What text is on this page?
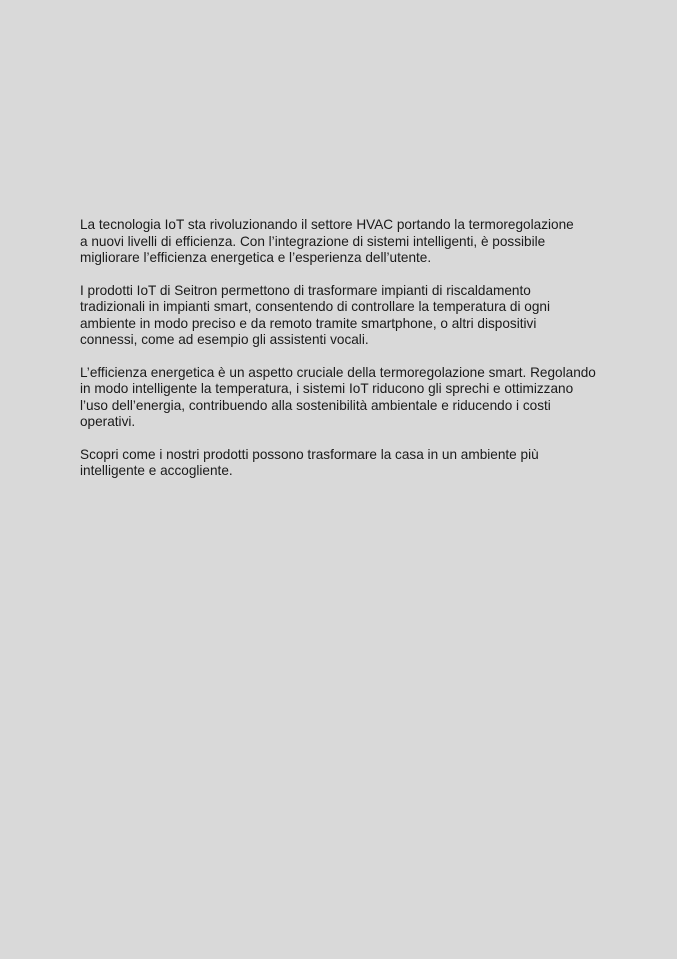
La tecnologia IoT sta rivoluzionando il settore HVAC portando la termoregolazione
a nuovi livelli di efficienza. Con l’integrazione di sistemi intelligenti, è possibile
migliorare l’efficienza energetica e l’esperienza dell’utente.

I prodotti IoT di Seitron permettono di trasformare impianti di riscaldamento
tradizionali in impianti smart, consentendo di controllare la temperatura di ogni
ambiente in modo preciso e da remoto tramite smartphone, o altri dispositivi
connessi, come ad esempio gli assistenti vocali.

L’efficienza energetica è un aspetto cruciale della termoregolazione smart. Regolando
in modo intelligente la temperatura, i sistemi IoT riducono gli sprechi e ottimizzano
l’uso dell’energia, contribuendo alla sostenibilità ambientale e riducendo i costi
operativi.

Scopri come i nostri prodotti possono trasformare la casa in un ambiente più
intelligente e accogliente.
